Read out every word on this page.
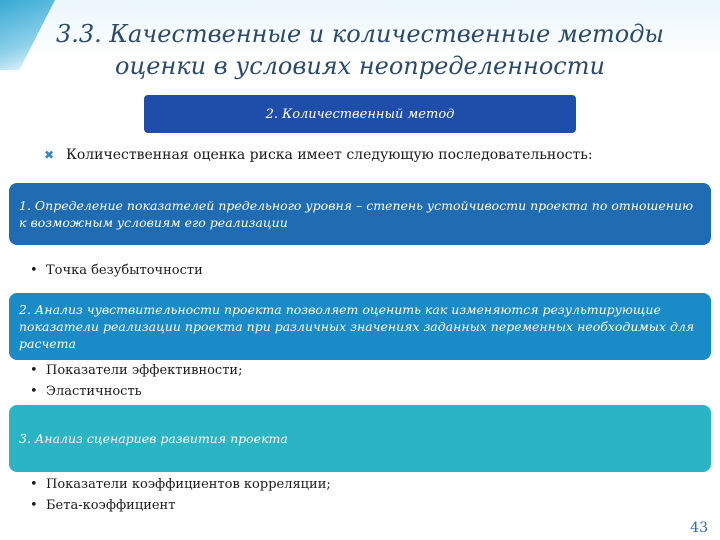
3.3. Качественные и количественные методы
оценки в условиях неопределенности
2. Количественный метод
✖ Количественная оценка риска имеет следующую последовательность:
1. Определение показателей предельного уровня – степень устойчивости проекта по отношению к возможным условиям его реализации
• Точка безубыточности
2. Анализ чувствительности проекта позволяет оценить как изменяются результирующие показатели реализации проекта при различных значениях заданных переменных необходимых для расчета
• Показатели эффективности;
• Эластичность
3. Анализ сценариев развития проекта
• Показатели коэффициентов корреляции;
• Бета-коэффициент
43
